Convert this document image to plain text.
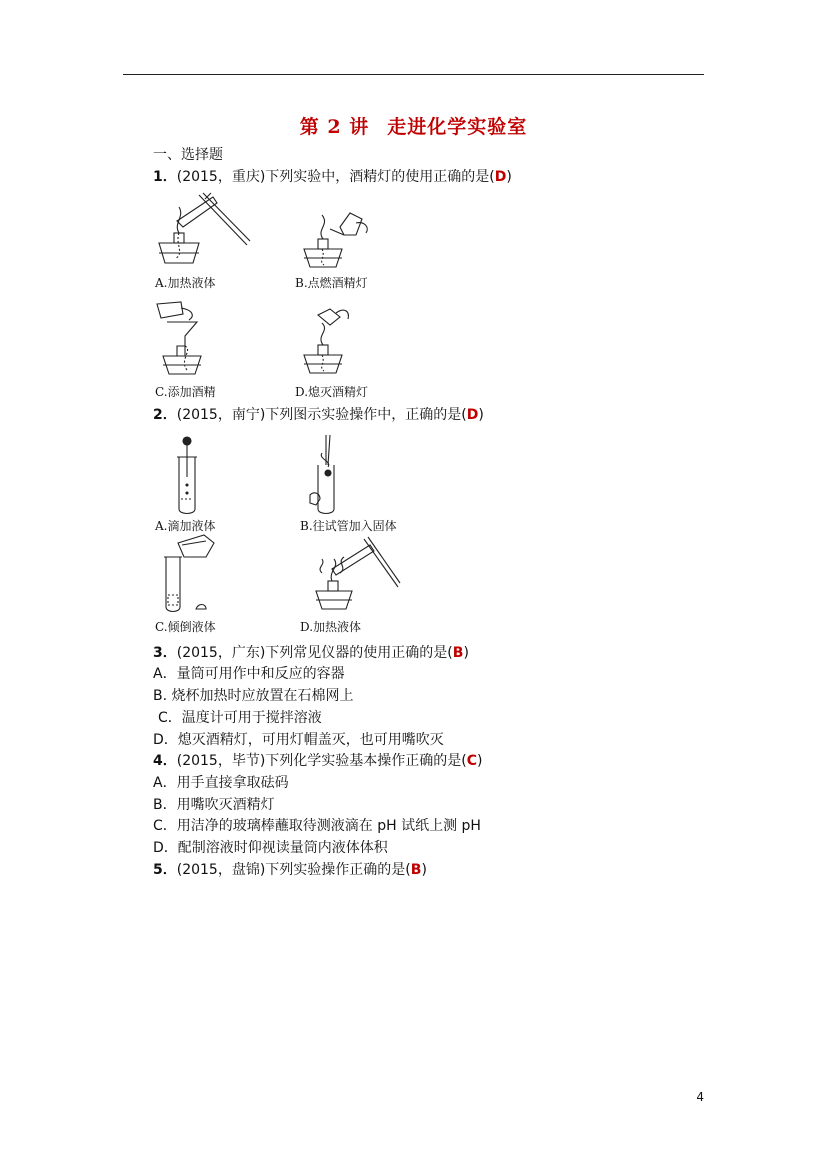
第 2 讲 走进化学实验室
一、选择题
1．(2015，重庆)下列实验中，酒精灯的使用正确的是(D)
A.加热液体	B.点燃酒精灯
C.添加酒精	D.熄灭酒精灯
2．(2015，南宁)下列图示实验操作中，正确的是(D)
A.滴加液体	B.往试管加入固体
C.倾倒液体	D.加热液体
3．(2015，广东)下列常见仪器的使用正确的是(B)
A．量筒可用作中和反应的容器
B. 烧杯加热时应放置在石棉网上
C．温度计可用于搅拌溶液
D．熄灭酒精灯，可用灯帽盖灭，也可用嘴吹灭
4．(2015，毕节)下列化学实验基本操作正确的是(C)
A．用手直接拿取砝码
B．用嘴吹灭酒精灯
C．用洁净的玻璃棒蘸取待测液滴在 pH 试纸上测 pH
D．配制溶液时仰视读量筒内液体体积
5．(2015，盘锦)下列实验操作正确的是(B)
4
